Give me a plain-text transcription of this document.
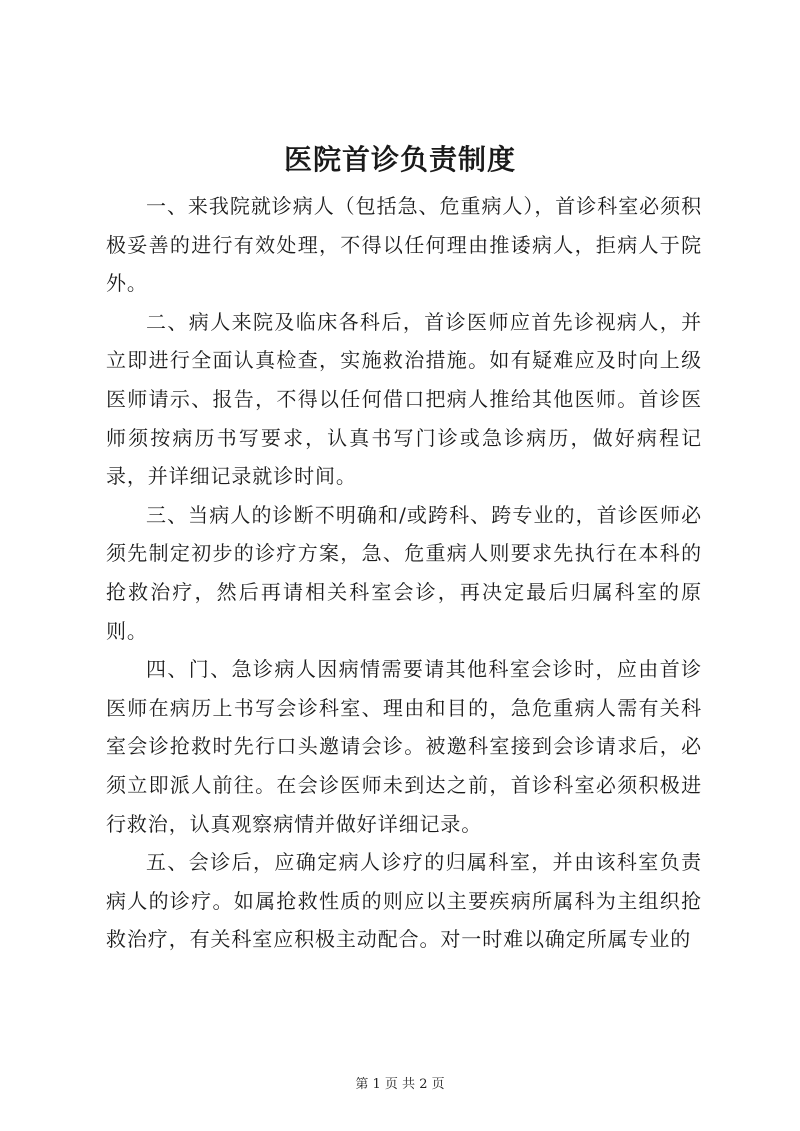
医院首诊负责制度

一、来我院就诊病人（包括急、危重病人），首诊科室必须积极妥善的进行有效处理，不得以任何理由推诿病人，拒病人于院外。

二、病人来院及临床各科后，首诊医师应首先诊视病人，并立即进行全面认真检查，实施救治措施。如有疑难应及时向上级医师请示、报告，不得以任何借口把病人推给其他医师。首诊医师须按病历书写要求，认真书写门诊或急诊病历，做好病程记录，并详细记录就诊时间。

三、当病人的诊断不明确和/或跨科、跨专业的，首诊医师必须先制定初步的诊疗方案，急、危重病人则要求先执行在本科的抢救治疗，然后再请相关科室会诊，再决定最后归属科室的原则。

四、门、急诊病人因病情需要请其他科室会诊时，应由首诊医师在病历上书写会诊科室、理由和目的，急危重病人需有关科室会诊抢救时先行口头邀请会诊。被邀科室接到会诊请求后，必须立即派人前往。在会诊医师未到达之前，首诊科室必须积极进行救治，认真观察病情并做好详细记录。

五、会诊后，应确定病人诊疗的归属科室，并由该科室负责病人的诊疗。如属抢救性质的则应以主要疾病所属科为主组织抢救治疗，有关科室应积极主动配合。对一时难以确定所属专业的

第 1 页 共 2 页
